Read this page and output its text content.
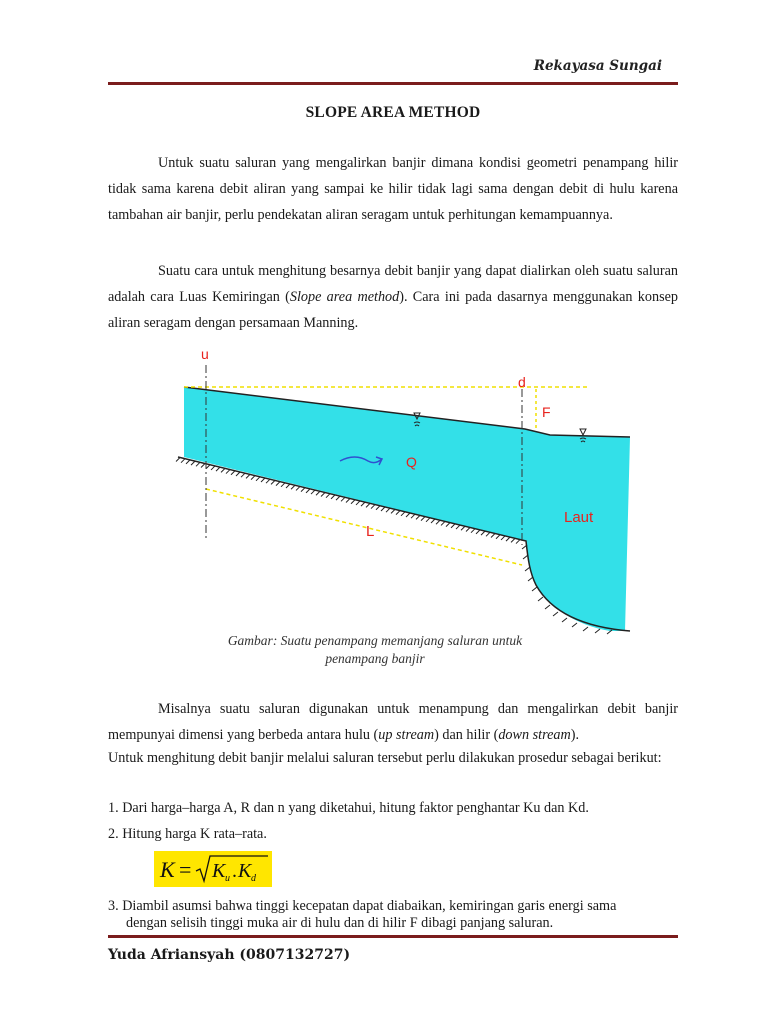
Rekayasa Sungai
SLOPE AREA METHOD

Untuk suatu saluran yang mengalirkan banjir dimana kondisi geometri penampang hilir tidak sama karena debit aliran yang sampai ke hilir tidak lagi sama dengan debit di hulu karena tambahan air banjir, perlu pendekatan aliran seragam untuk perhitungan kemampuannya.

Suatu cara untuk menghitung besarnya debit banjir yang dapat dialirkan oleh suatu saluran adalah cara Luas Kemiringan (Slope area method). Cara ini pada dasarnya menggunakan konsep aliran seragam dengan persamaan Manning.

u
d
F
Q
L
Laut
Gambar: Suatu penampang memanjang saluran untuk
penampang banjir

Misalnya suatu saluran digunakan untuk menampung dan mengalirkan debit banjir mempunyai dimensi yang berbeda antara hulu (up stream) dan hilir (down stream).

Untuk menghitung debit banjir melalui saluran tersebut perlu dilakukan prosedur sebagai berikut:

1. Dari harga–harga A, R dan n yang diketahui, hitung faktor penghantar Ku dan Kd.

2. Hitung harga K rata–rata.

K = K u . K d

3. Diambil asumsi bahwa tinggi kecepatan dapat diabaikan, kemiringan garis energi sama

dengan selisih tinggi muka air di hulu dan di hilir F dibagi panjang saluran.

Yuda Afriansyah (0807132727)
